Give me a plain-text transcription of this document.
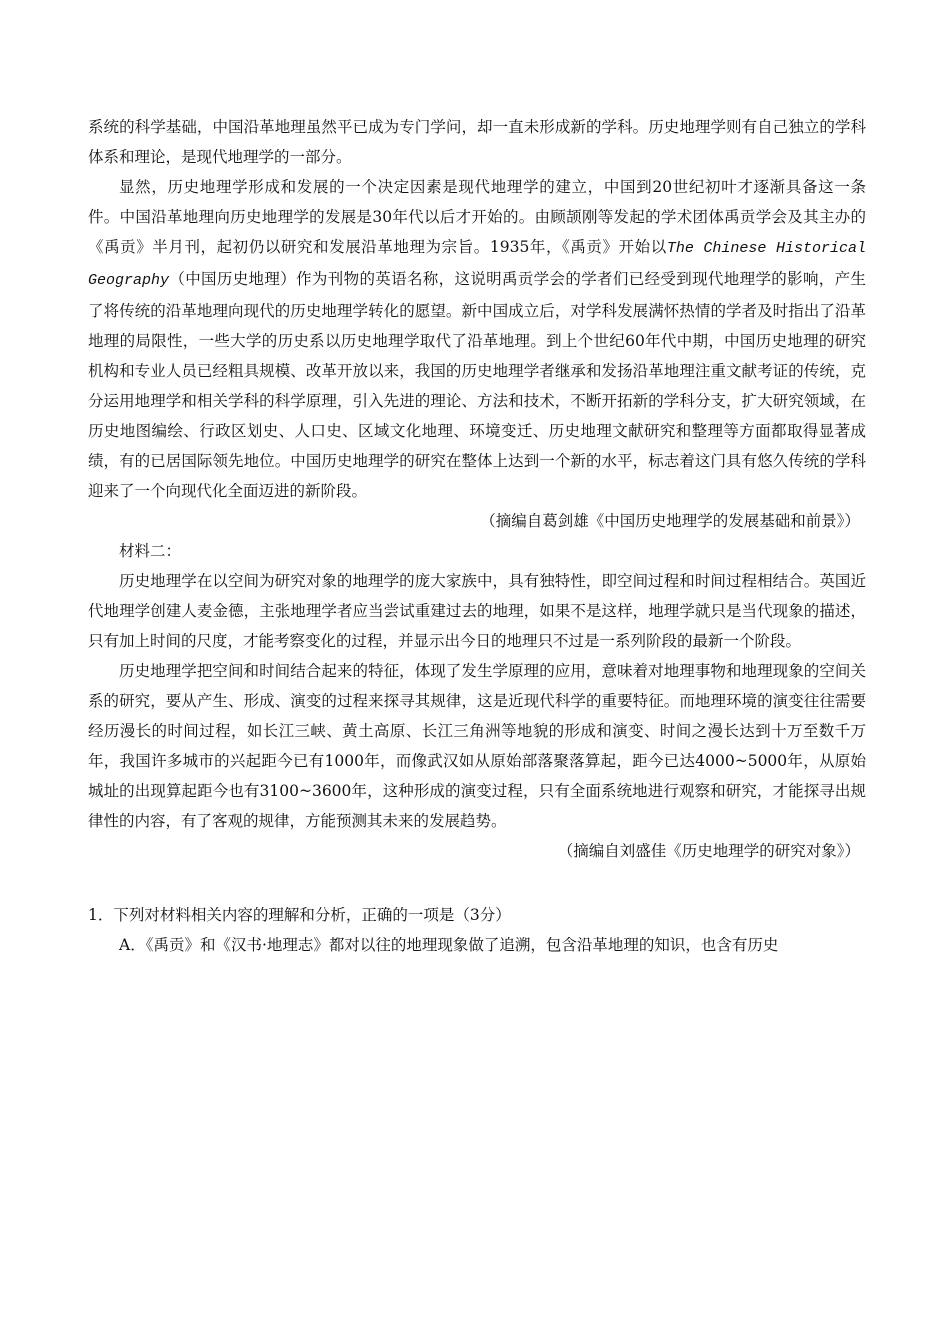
系统的科学基础，中国沿革地理虽然平已成为专门学问，却一直未形成新的学科。历史地理学则有自己独立的学科体系和理论，是现代地理学的一部分。

显然，历史地理学形成和发展的一个决定因素是现代地理学的建立，中国到20世纪初叶才逐渐具备这一条件。中国沿革地理向历史地理学的发展是30年代以后才开始的。由顾颉刚等发起的学术团体禹贡学会及其主办的《禹贡》半月刊，起初仍以研究和发展沿革地理为宗旨。1935年，《禹贡》开始以The Chinese Historical Geography（中国历史地理）作为刊物的英语名称，这说明禹贡学会的学者们已经受到现代地理学的影响，产生了将传统的沿革地理向现代的历史地理学转化的愿望。新中国成立后，对学科发展满怀热情的学者及时指出了沿革地理的局限性，一些大学的历史系以历史地理学取代了沿革地理。到上个世纪60年代中期，中国历史地理的研究机构和专业人员已经粗具规模、改革开放以来，我国的历史地理学者继承和发扬沿革地理注重文献考证的传统，克分运用地理学和相关学科的科学原理，引入先进的理论、方法和技术，不断开拓新的学科分支，扩大研究领域，在历史地图编绘、行政区划史、人口史、区域文化地理、环境变迁、历史地理文献研究和整理等方面都取得显著成绩，有的已居国际领先地位。中国历史地理学的研究在整体上达到一个新的水平，标志着这门具有悠久传统的学科迎来了一个向现代化全面迈进的新阶段。

（摘编自葛剑雄《中国历史地理学的发展基础和前景》）

材料二：

历史地理学在以空间为研究对象的地理学的庞大家族中，具有独特性，即空间过程和时间过程相结合。英国近代地理学创建人麦金德，主张地理学者应当尝试重建过去的地理，如果不是这样，地理学就只是当代现象的描述，只有加上时间的尺度，才能考察变化的过程，并显示出今日的地理只不过是一系列阶段的最新一个阶段。

历史地理学把空间和时间结合起来的特征，体现了发生学原理的应用，意味着对地理事物和地理现象的空间关系的研究，要从产生、形成、演变的过程来探寻其规律，这是近现代科学的重要特征。而地理环境的演变往往需要经历漫长的时间过程，如长江三峡、黄土高原、长江三角洲等地貌的形成和演变、时间之漫长达到十万至数千万年，我国许多城市的兴起距今已有1000年，而像武汉如从原始部落聚落算起，距今已达4000~5000年，从原始城址的出现算起距今也有3100~3600年，这种形成的演变过程，只有全面系统地进行观察和研究，才能探寻出规律性的内容，有了客观的规律，方能预测其未来的发展趋势。

（摘编自刘盛佳《历史地理学的研究对象》）

1．下列对材料相关内容的理解和分析，正确的一项是（3分）

A．《禹贡》和《汉书·地理志》都对以往的地理现象做了追溯，包含沿革地理的知识，也含有历史
